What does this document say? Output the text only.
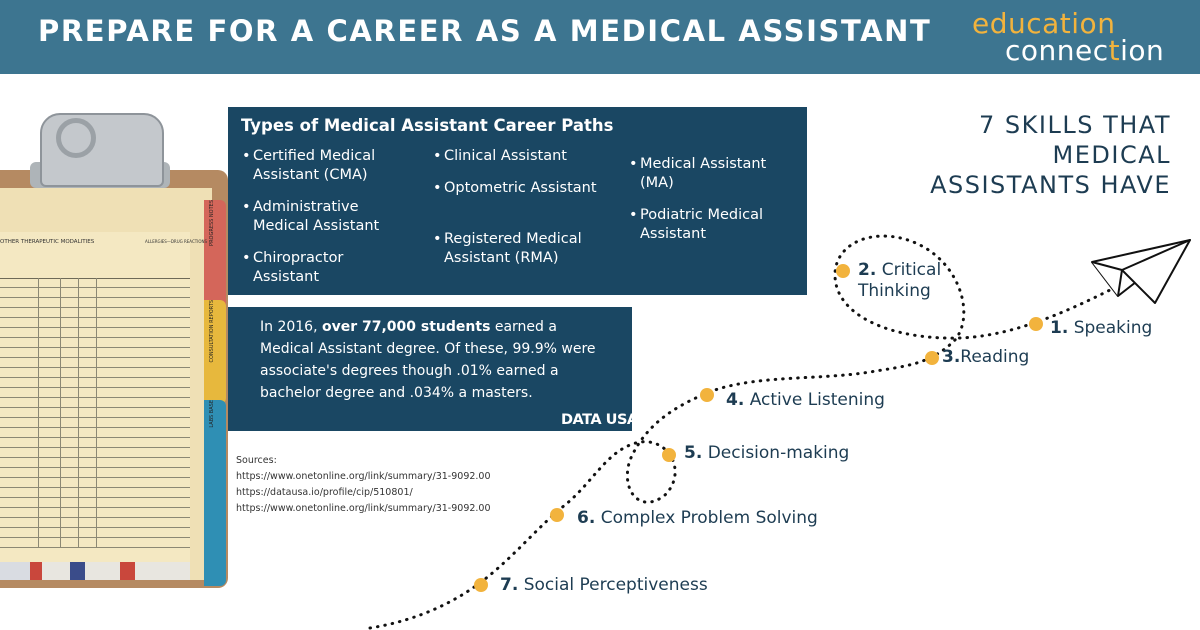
PREPARE FOR A CAREER AS A MEDICAL ASSISTANT education
connection
PROGRESS NOTES
CONSULTATION REPORTS
LABS BASE
OTHER THERAPEUTIC MODALITIES	ALLERGIES—DRUG REACTIONS
Types of Medical Assistant Career Paths
• Certified Medical Assistant (CMA)
• Administrative Medical Assistant
• Chiropractor Assistant
• Clinical Assistant
• Optometric Assistant
• Registered Medical Assistant (RMA)
• Medical Assistant (MA)
• Podiatric Medical Assistant
In 2016, over 77,000 students earned a Medical Assistant degree. Of these, 99.9% were associate's degrees though .01% earned a bachelor degree and .034% a masters.
DATA USA:
Sources:
https://www.onetonline.org/link/summary/31-9092.00
https://datausa.io/profile/cip/510801/
https://www.onetonline.org/link/summary/31-9092.00
7 SKILLS THAT
MEDICAL
ASSISTANTS HAVE
1. Speaking
2. Critical
Thinking
3.Reading
4. Active Listening
5. Decision-making
6. Complex Problem Solving
7. Social Perceptiveness
